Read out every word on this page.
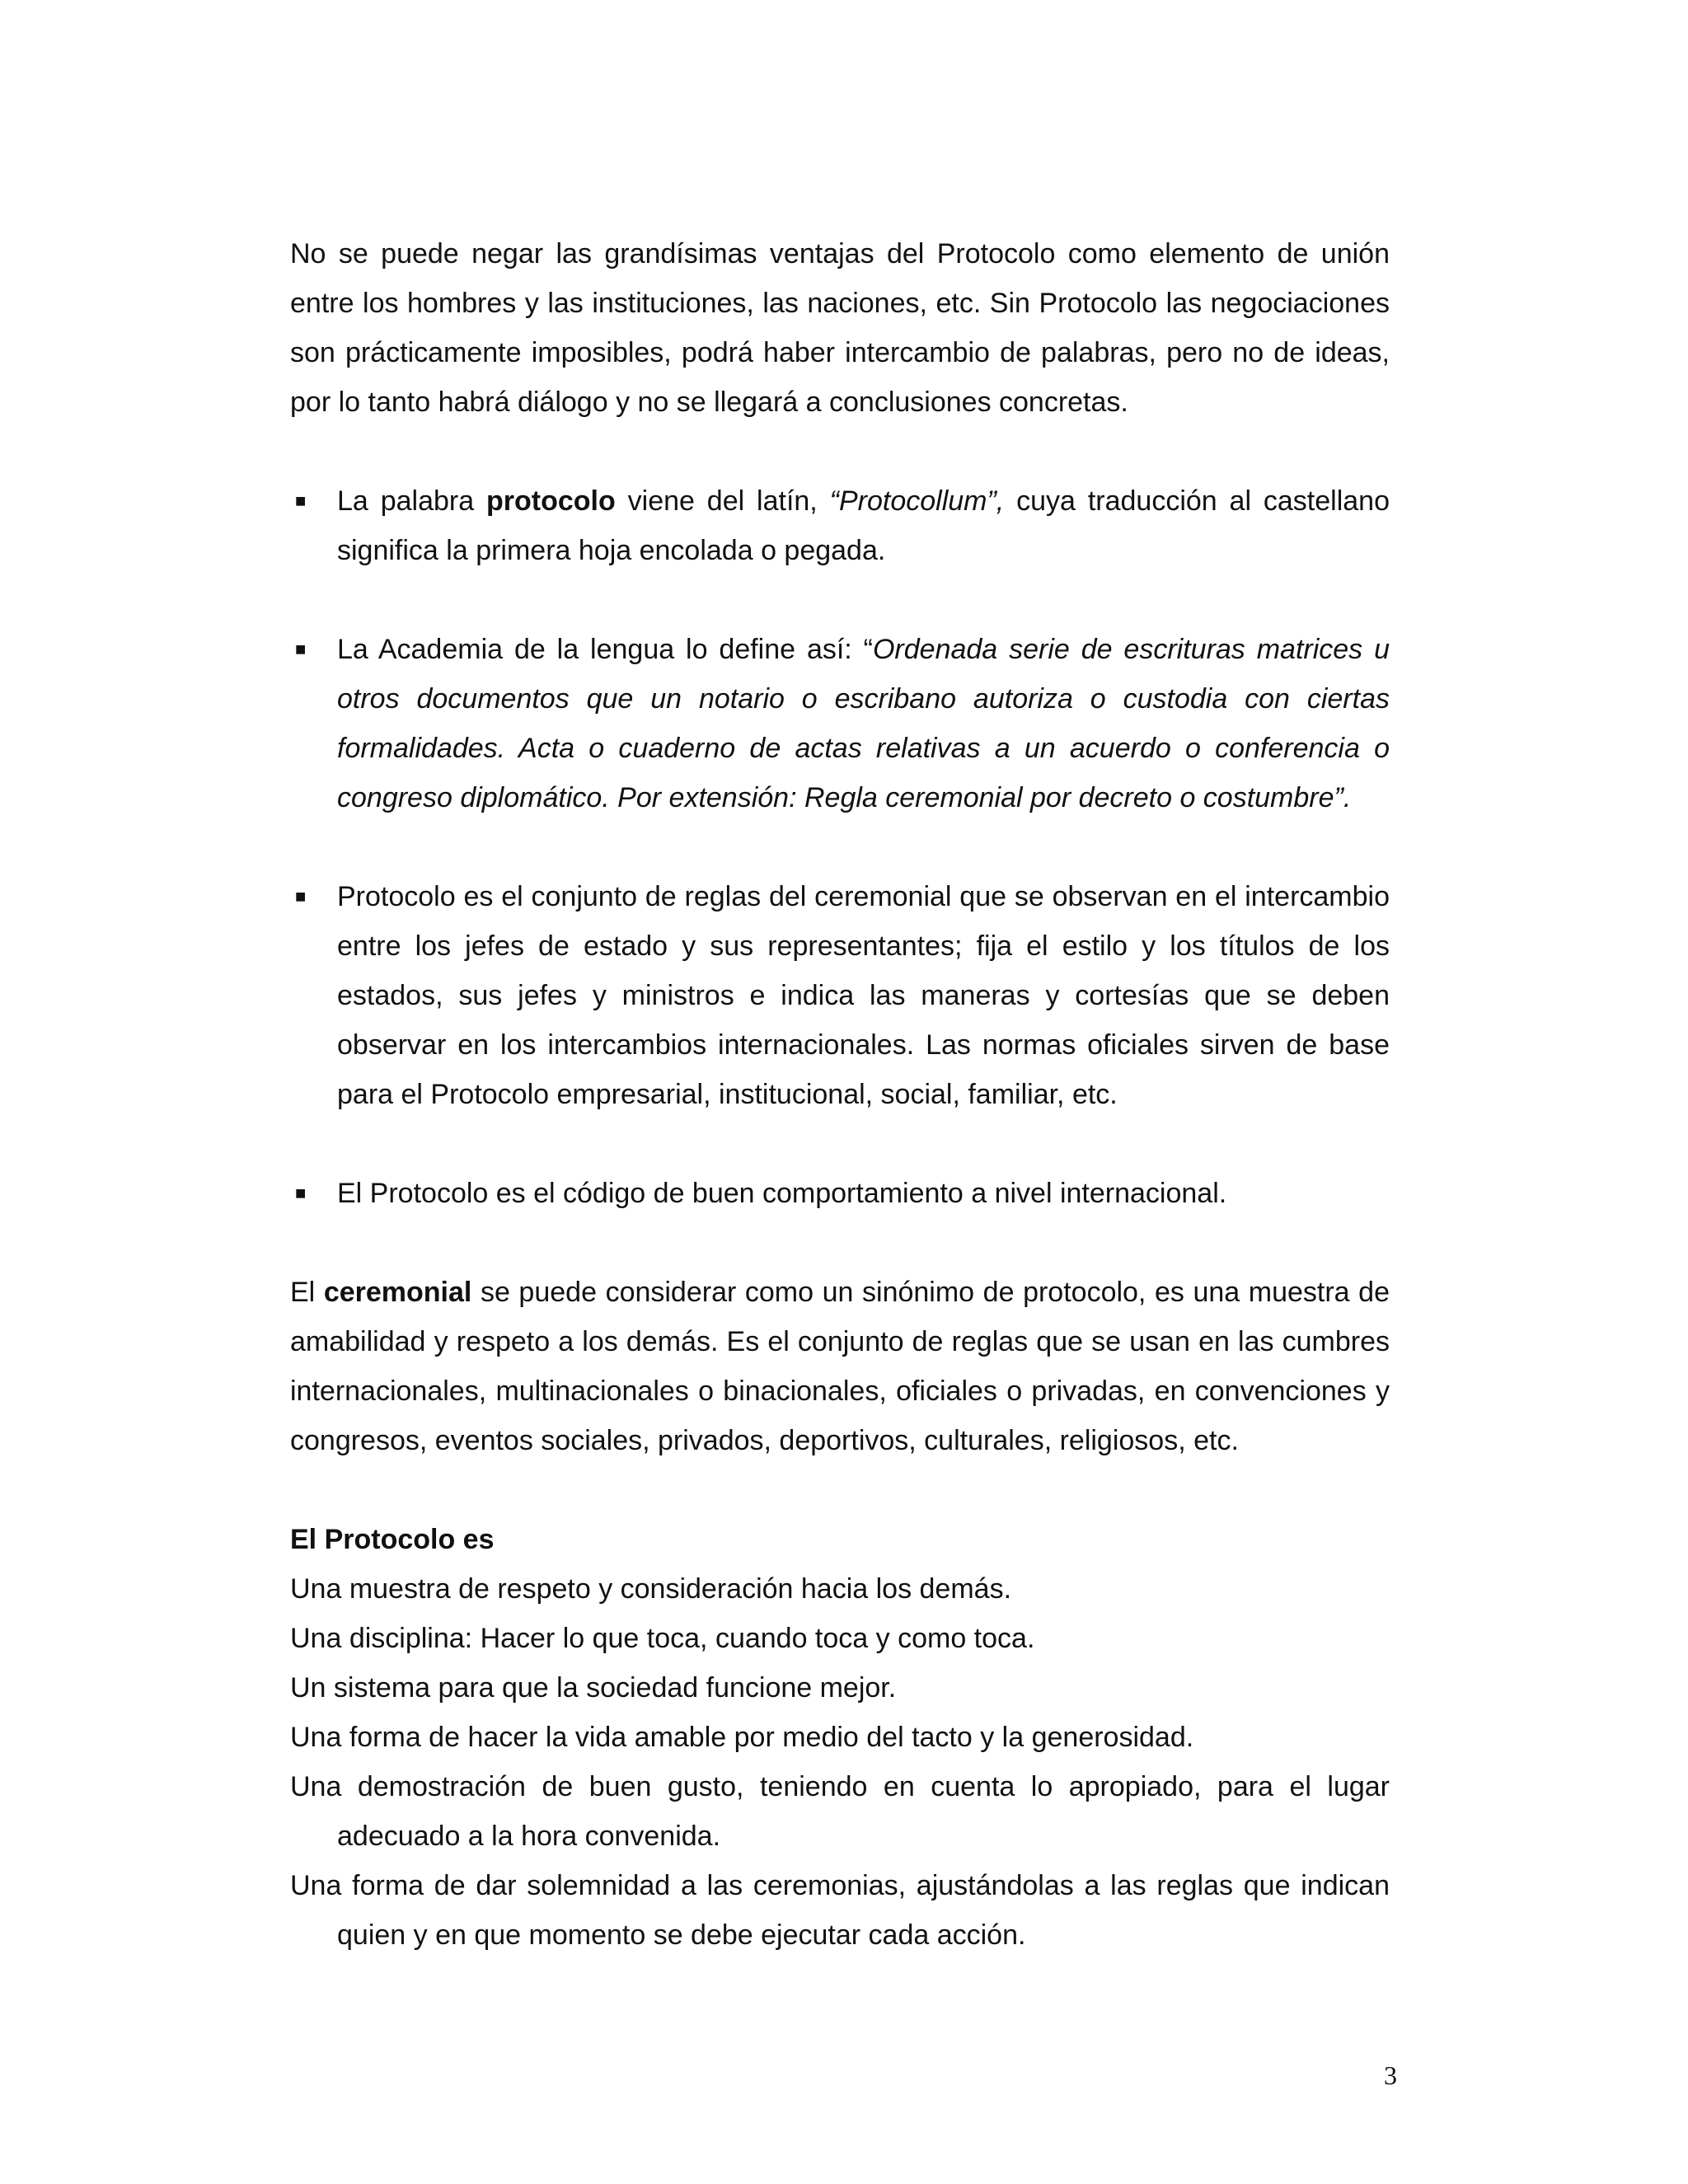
No se puede negar las grandísimas ventajas del Protocolo como elemento de unión entre los hombres y las instituciones, las naciones, etc. Sin Protocolo las negociaciones son prácticamente imposibles, podrá haber intercambio de palabras, pero no de ideas, por lo tanto habrá diálogo y no se llegará a conclusiones concretas.

■	La palabra protocolo viene del latín, “Protocollum”, cuya traducción al castellano significa la primera hoja encolada o pegada.

■	La Academia de la lengua lo define así: “Ordenada serie de escrituras matrices u otros documentos que un notario o escribano autoriza o custodia con ciertas formalidades. Acta o cuaderno de actas relativas a un acuerdo o conferencia o congreso diplomático. Por extensión: Regla ceremonial por decreto o costumbre”.

■	Protocolo es el conjunto de reglas del ceremonial que se observan en el intercambio entre los jefes de estado y sus representantes; fija el estilo y los títulos de los estados, sus jefes y ministros e indica las maneras y cortesías que se deben observar en los intercambios internacionales. Las normas oficiales sirven de base para el Protocolo empresarial, institucional, social, familiar, etc.

■	El Protocolo es el código de buen comportamiento a nivel internacional.

El ceremonial se puede considerar como un sinónimo de protocolo, es una muestra de amabilidad y respeto a los demás. Es el conjunto de reglas que se usan en las cumbres internacionales, multinacionales o binacionales, oficiales o privadas, en convenciones y congresos, eventos sociales, privados, deportivos, culturales, religiosos, etc.

El Protocolo es

Una muestra de respeto y consideración hacia los demás.

Una disciplina: Hacer lo que toca, cuando toca y como toca.

Un sistema para que la sociedad funcione mejor.

Una forma de hacer la vida amable por medio del tacto y la generosidad.

Una demostración de buen gusto, teniendo en cuenta lo apropiado, para el lugar adecuado a la hora convenida.

Una forma de dar solemnidad a las ceremonias, ajustándolas a las reglas que indican quien y en que momento se debe ejecutar cada acción.

3
